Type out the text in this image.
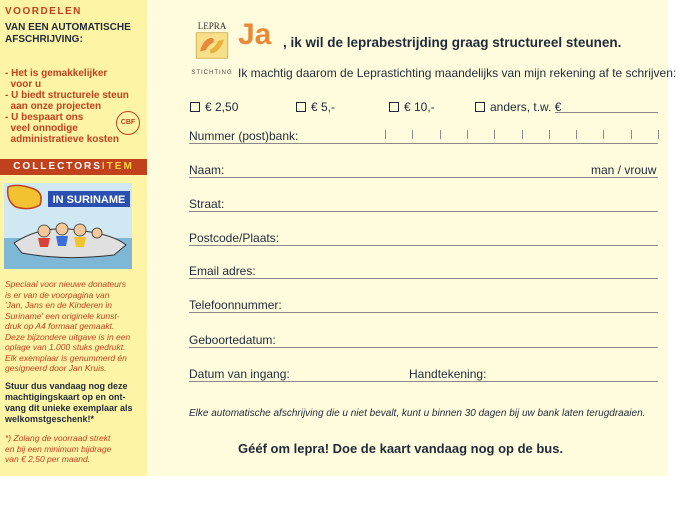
VOORDELEN
VAN EEN AUTOMATISCHE
AFSCHRIJVING:
- Het is gemakkelijker
voor u
- U biedt structurele steun
aan onze projecten
- U bespaart ons
veel onnodige
administratieve kosten
CBF
COLLECTORSITEM
IN SURINAME
Speciaal voor nieuwe donateurs
is er van de voorpagina van
'Jan, Jans en de Kinderen in
Suriname' een originele kunst-
druk op A4 formaat gemaakt.
Deze bijzondere uitgave is in een
oplage van 1.000 stuks gedrukt.
Elk exemplaar is genummerd én
gesigneerd door Jan Kruis.
Stuur dus vandaag nog deze
machtigingskaart op en ont-
vang dit unieke exemplaar als
welkomstgeschenk!*
*) Zolang de voorraad strekt
en bij een minimum bijdrage
van € 2,50 per maand.
LEPRA
STICHTING
Ja , ik wil de leprabestrijding graag structureel steunen.
Ik machtig daarom de Leprastichting maandelijks van mijn rekening af te schrijven:
€ 2,50	€ 5,-	€ 10,-	anders, t.w. €
Nummer (post)bank:
Naam:	man / vrouw
Straat:
Postcode/Plaats:
Email adres:
Telefoonnummer:
Geboortedatum:
Datum van ingang:	Handtekening:
Elke automatische afschrijving die u niet bevalt, kunt u binnen 30 dagen bij uw bank laten terugdraaien.
Gééf om lepra! Doe de kaart vandaag nog op de bus.
